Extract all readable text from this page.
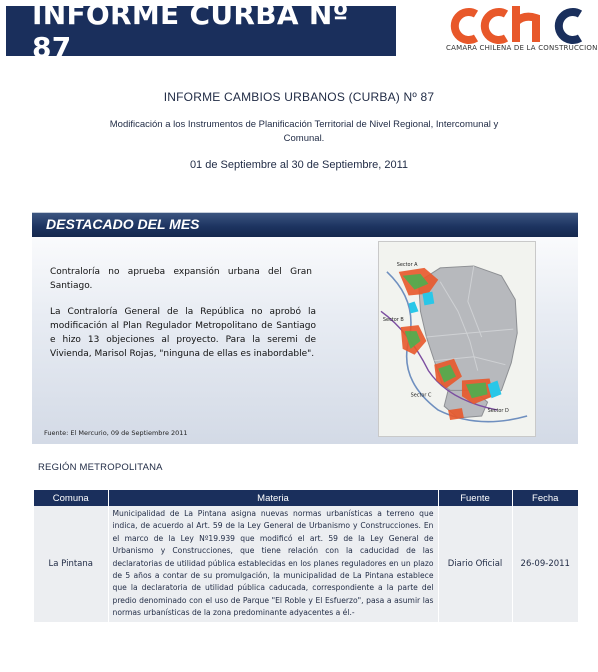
INFORME CURBA Nº 87	CAMARA CHILENA DE LA CONSTRUCCION
INFORME CAMBIOS URBANOS (CURBA) Nº 87
Modificación a los Instrumentos de Planificación Territorial de Nivel Regional, Intercomunal y Comunal.
01 de Septiembre al 30 de Septiembre, 2011
DESTACADO DEL MES
Contraloría no aprueba expansión urbana del Gran Santiago.
La Contraloría General de la República no aprobó la modificación al Plan Regulador Metropolitano de Santiago e hizo 13 objeciones al proyecto. Para la seremi de Vivienda, Marisol Rojas, "ninguna de ellas es inabordable".
Fuente: El Mercurio, 09 de Septiembre 2011
Sector A
Sector B
Sector C
Sector D
REGIÓN METROPOLITANA
Comuna	Materia	Fuente	Fecha
La Pintana	Municipalidad de La Pintana asigna nuevas normas urbanísticas a terreno que indica, de acuerdo al Art. 59 de la Ley General de Urbanismo y Construcciones. En el marco de la Ley Nº19.939 que modificó el art. 59 de la Ley General de Urbanismo y Construcciones, que tiene relación con la caducidad de las declaratorias de utilidad pública establecidas en los planes reguladores en un plazo de 5 años a contar de su promulgación, la municipalidad de La Pintana establece que la declaratoria de utilidad pública caducada, correspondiente a la parte del predio denominado con el uso de Parque "El Roble y El Esfuerzo", pasa a asumir las normas urbanísticas de la zona predominante adyacentes a él.-	Diario Oficial	26-09-2011
